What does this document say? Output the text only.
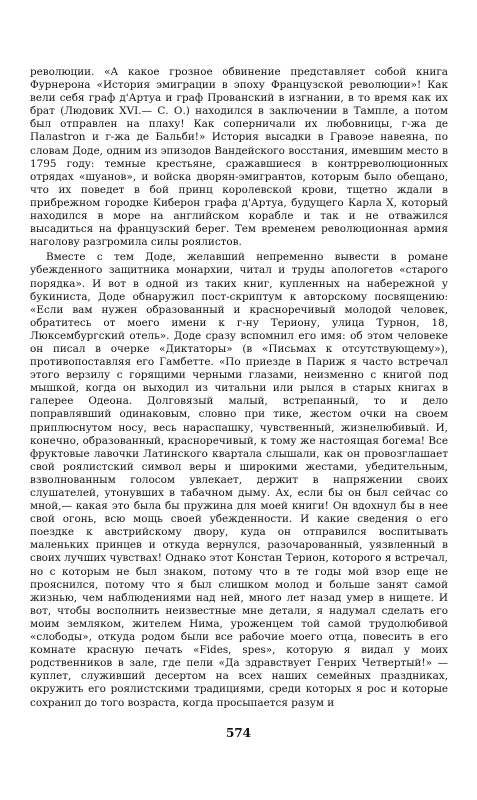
революции. «А какое грозное обвинение представляет собой книга Фурнерона «История эмиграции в эпоху Французской революции»! Как вели себя граф д'Артуа и граф Прованский в изгнании, в то время как их брат (Людовик XVI.— С. О.) находился в заключении в Тампле, а потом был отправлен на плаху! Как соперничали их любовницы, г-жа де Палastron и г-жа де Бальби!» История высадки в Гравоэе навеяна, по словам Доде, одним из эпизодов Вандейского восстания, имевшим место в 1795 году: темные крестьяне, сражавшиеся в контрреволюционных отрядах «шуанов», и войска дворян-эмигрантов, которым было обещано, что их поведет в бой принц королевской крови, тщетно ждали в прибрежном городке Киберон графа д'Артуа, будущего Карла X, который находился в море на английском корабле и так и не отважился высадиться на французский берег. Тем временем революционная армия наголову разгромила силы роялистов.

Вместе с тем Доде, желавший непременно вывести в романе убежденного защитника монархии, читал и труды апологетов «старого порядка». И вот в одной из таких книг, купленных на набережной у букиниста, Доде обнаружил пост-скриптум к авторскому посвящению: «Если вам нужен образованный и красноречивый молодой человек, обратитесь от моего имени к г-ну Териону, улица Турнон, 18, Люксембургский отель». Доде сразу вспомнил его имя: об этом человеке он писал в очерке «Диктаторы» (в «Письмах к отсутствующему»), противопоставляя его Гамбетте. «По приезде в Париж я часто встречал этого верзилу с горящими черными глазами, неизменно с книгой под мышкой, когда он выходил из читальни или рылся в старых книгах в галерее Одеона. Долговязый малый, встрепанный, то и дело поправлявший одинаковым, словно при тике, жестом очки на своем приплюснутом носу, весь нараспашку, чувственный, жизнелюбивый. И, конечно, образованный, красноречивый, к тому же настоящая богема! Все фруктовые лавочки Латинского квартала слышали, как он провозглашает свой роялистский символ веры и широкими жестами, убедительным, взволнованным голосом увлекает, держит в напряжении своих слушателей, утонувших в табачном дыму. Ах, если бы он был сейчас со мной,— какая это была бы пружина для моей книги! Он вдохнул бы в нее свой огонь, всю мощь своей убежденности. И какие сведения о его поездке к австрийскому двору, куда он отправился воспитывать маленьких принцев и откуда вернулся, разочарованный, уязвленный в своих лучших чувствах! Однако этот Констан Терион, которого я встречал, но с которым не был знаком, потому что в те годы мой взор еще не прояснился, потому что я был слишком молод и больше занят самой жизнью, чем наблюдениями над ней, много лет назад умер в нищете. И вот, чтобы восполнить неизвестные мне детали, я надумал сделать его моим земляком, жителем Нима, уроженцем той самой трудолюбивой «слободы», откуда родом были все рабочие моего отца, повесить в его комнате красную печать «Fides, spes», которую я видал у моих родственников в зале, где пели «Да здравствует Генрих Четвертый!» — куплет, служивший десертом на всех наших семейных праздниках, окружить его роялистскими традициями, среди которых я рос и которые сохранил до того возраста, когда просыпается разум и

574
